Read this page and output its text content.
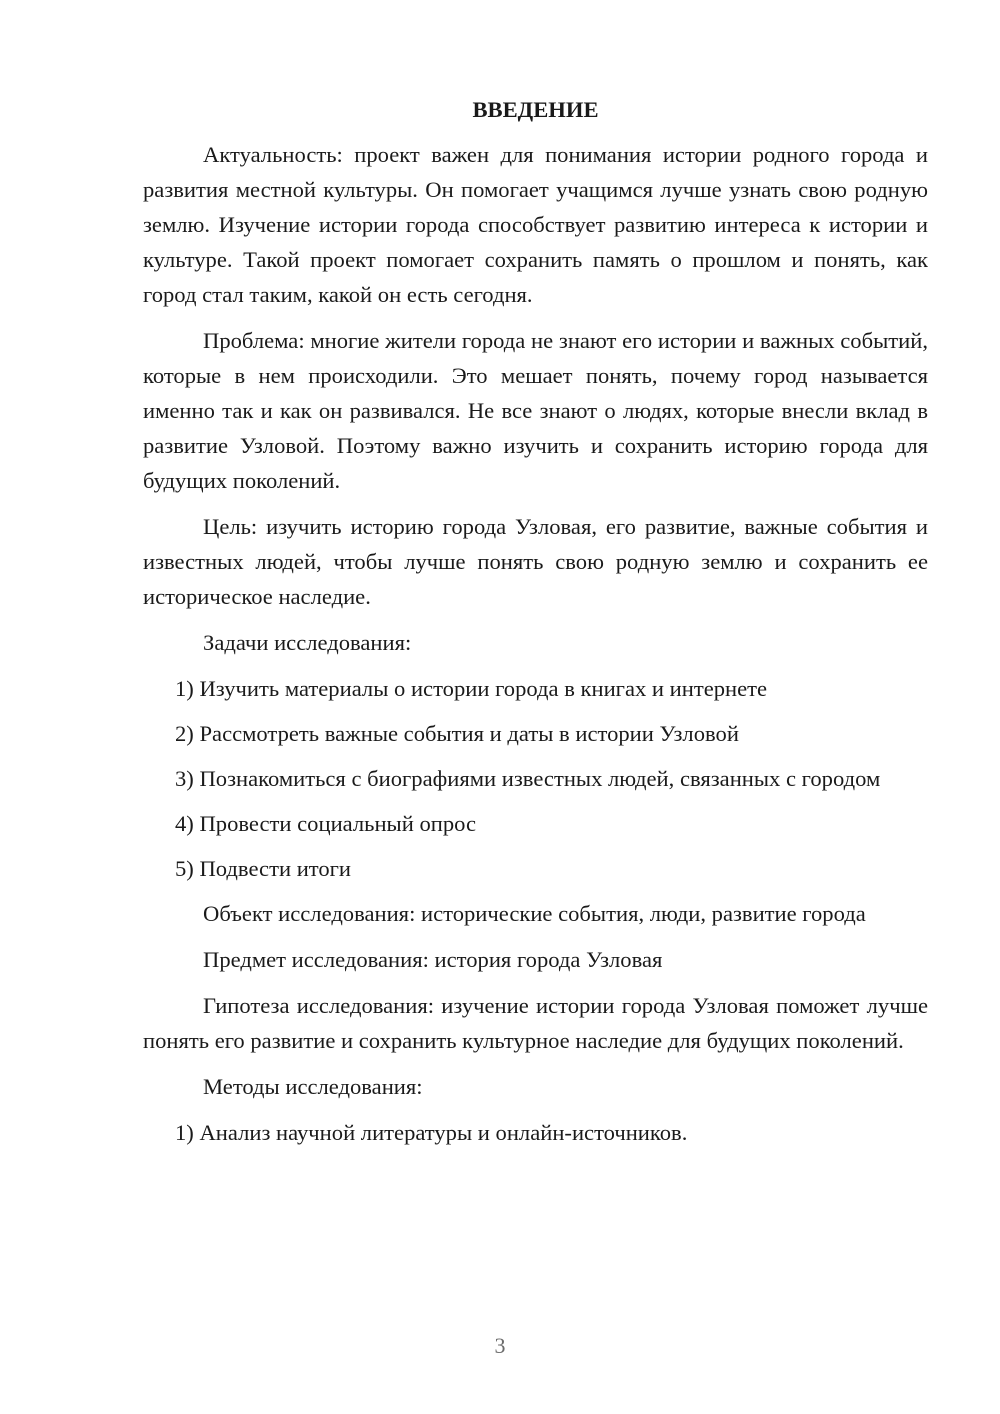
ВВЕДЕНИЕ

Актуальность: проект важен для понимания истории родного города и развития местной культуры. Он помогает учащимся лучше узнать свою родную землю. Изучение истории города способствует развитию интереса к истории и культуре. Такой проект помогает сохранить память о прошлом и понять, как город стал таким, какой он есть сегодня.

Проблема: многие жители города не знают его истории и важных событий, которые в нем происходили. Это мешает понять, почему город называется именно так и как он развивался. Не все знают о людях, которые внесли вклад в развитие Узловой. Поэтому важно изучить и сохранить историю города для будущих поколений.

Цель: изучить историю города Узловая, его развитие, важные события и известных людей, чтобы лучше понять свою родную землю и сохранить ее историческое наследие.

Задачи исследования:

1) Изучить материалы о истории города в книгах и интернете

2) Рассмотреть важные события и даты в истории Узловой

3) Познакомиться с биографиями известных людей, связанных с городом

4) Провести социальный опрос

5) Подвести итоги

Объект исследования: исторические события, люди, развитие города

Предмет исследования: история города Узловая

Гипотеза исследования: изучение истории города Узловая поможет лучше понять его развитие и сохранить культурное наследие для будущих поколений.

Методы исследования:

1) Анализ научной литературы и онлайн-источников.

3
